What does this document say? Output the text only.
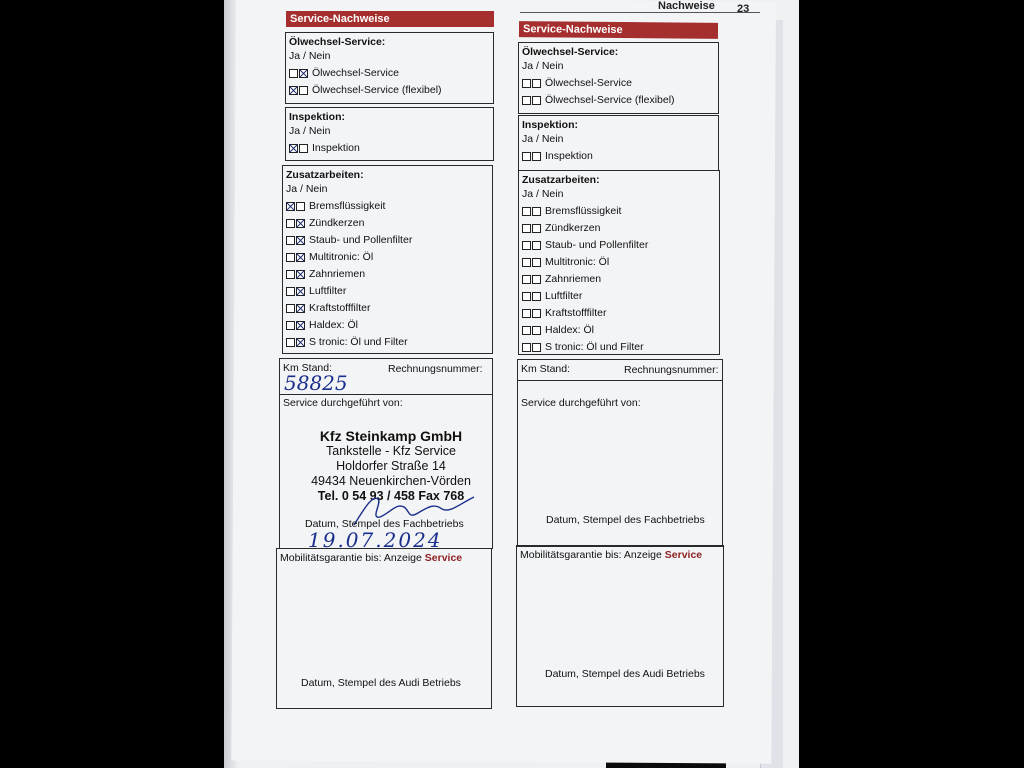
Nachweise 23
Service-Nachweise
Ölwechsel-Service:
Ja / Nein
Ölwechsel-Service
Ölwechsel-Service (flexibel)
Inspektion:
Ja / Nein
Inspektion
Zusatzarbeiten:
Ja / Nein
Bremsflüssigkeit
Zündkerzen
Staub- und Pollenfilter
Multitronic: Öl
Zahnriemen
Luftfilter
Kraftstofffilter
Haldex: Öl
S tronic: Öl und Filter
Km Stand:	Rechnungsnummer:
58825
Service durchgeführt von:
Kfz Steinkamp GmbH
Tankstelle - Kfz Service
Holdorfer Straße 14
49434 Neuenkirchen-Vörden
Tel. 0 54 93 / 458 Fax 768
Datum, Stempel des Fachbetriebs
19.07.2024
Mobilitätsgarantie bis: Anzeige Service
Datum, Stempel des Audi Betriebs
Service-Nachweise
Ölwechsel-Service:
Ja / Nein
Ölwechsel-Service
Ölwechsel-Service (flexibel)
Inspektion:
Ja / Nein
Inspektion
Zusatzarbeiten:
Ja / Nein
Bremsflüssigkeit
Zündkerzen
Staub- und Pollenfilter
Multitronic: Öl
Zahnriemen
Luftfilter
Kraftstofffilter
Haldex: Öl
S tronic: Öl und Filter
Km Stand:	Rechnungsnummer:
Service durchgeführt von:
Datum, Stempel des Fachbetriebs
Mobilitätsgarantie bis: Anzeige Service
Datum, Stempel des Audi Betriebs
